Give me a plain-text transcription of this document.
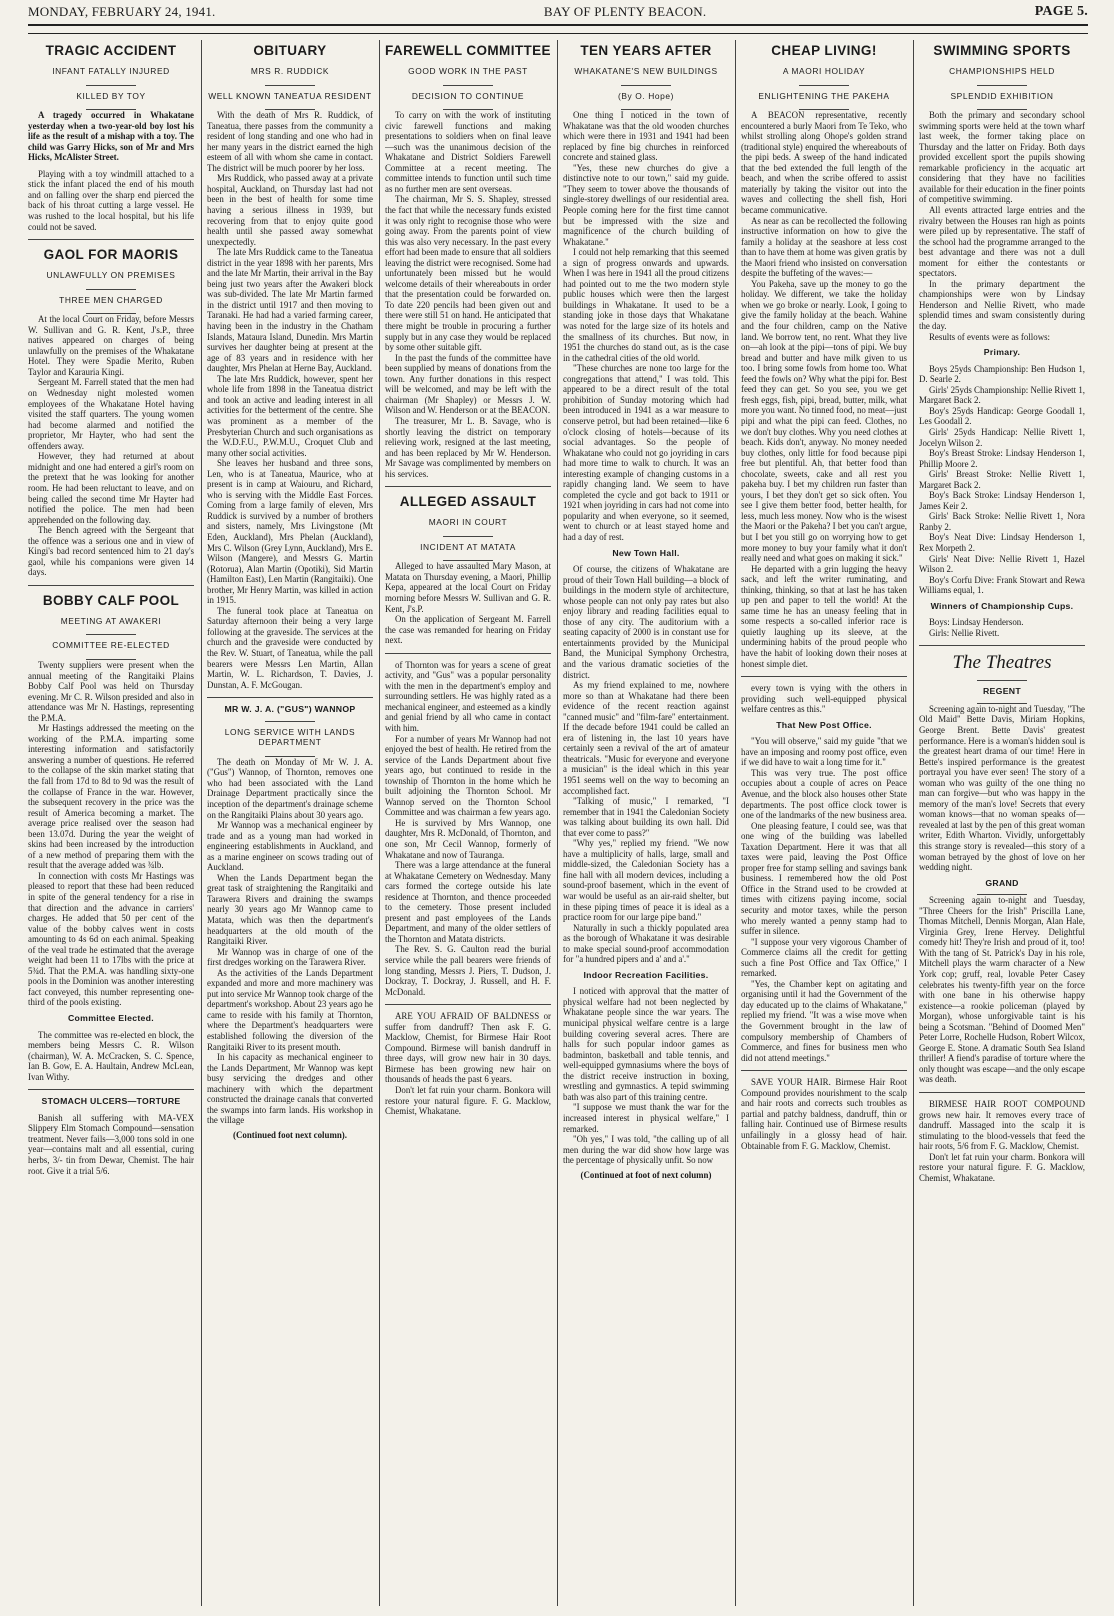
MONDAY, FEBRUARY 24, 1941.	BAY OF PLENTY BEACON.	PAGE 5.
TRAGIC ACCIDENT
INFANT FATALLY INJURED
KILLED BY TOY
A tragedy occurred in Whakatane yesterday when a two-year-old boy lost his life as the result of a mishap with a toy. The child was Garry Hicks, son of Mr and Mrs Hicks, McAlister Street.
Playing with a toy windmill attached to a stick the infant placed the end of his mouth and on falling over the sharp end pierced the back of his throat cutting a large vessel. He was rushed to the local hospital, but his life could not be saved.
GAOL FOR MAORIS
UNLAWFULLY ON PREMISES
THREE MEN CHARGED
At the local Court on Friday, before Messrs W. Sullivan and G. R. Kent, J's.P., three natives appeared on charges of being unlawfully on the premises of the Whakatane Hotel. They were Spadie Merito, Ruben Taylor and Karauria Kingi.
Sergeant M. Farrell stated that the men had on Wednesday night molested women employees of the Whakatane Hotel having visited the staff quarters. The young women had become alarmed and notified the proprietor, Mr Hayter, who had sent the offenders away.
However, they had returned at about midnight and one had entered a girl's room on the pretext that he was looking for another room. He had been reluctant to leave, and on being called the second time Mr Hayter had notified the police. The men had been apprehended on the following day.
The Bench agreed with the Sergeant that the offence was a serious one and in view of Kingi's bad record sentenced him to 21 day's gaol, while his companions were given 14 days.
BOBBY CALF POOL
MEETING AT AWAKERI
COMMITTEE RE-ELECTED
Twenty suppliers were present when the annual meeting of the Rangitaiki Plains Bobby Calf Pool was held on Thursday evening. Mr C. R. Wilson presided and also in attendance was Mr N. Hastings, representing the P.M.A.
Mr Hastings addressed the meeting on the working of the P.M.A. imparting some interesting information and satisfactorily answering a number of questions. He referred to the collapse of the skin market stating that the fall from 17d to 8d to 9d was the result of the collapse of France in the war. However, the subsequent recovery in the price was the result of America becoming a market. The average price realised over the season had been 13.07d. During the year the weight of skins had been increased by the introduction of a new method of preparing them with the result that the average added was ¾lb.
In connection with costs Mr Hastings was pleased to report that these had been reduced in spite of the general tendency for a rise in that direction and the advance in carriers' charges. He added that 50 per cent of the value of the bobby calves went in costs amounting to 4s 6d on each animal. Speaking of the veal trade he estimated that the average weight had been 11 to 17lbs with the price at 5¾d. That the P.M.A. was handling sixty-one pools in the Dominion was another interesting fact conveyed, this number representing one-third of the pools existing.
Committee Elected.
The committee was re-elected en block, the members being Messrs C. R. Wilson (chairman), W. A. McCracken, S. C. Spence, Ian B. Gow, E. A. Haultain, Andrew McLean, Ivan Withy.
STOMACH ULCERS—TORTURE
Banish all suffering with MA-VEX Slippery Elm Stomach Compound—sensation treatment. Never fails—3,000 tons sold in one year—contains malt and all essential, curing herbs, 3/- tin from Dewar, Chemist. The hair root. Give it a trial 5/6.
OBITUARY
MRS R. RUDDICK
WELL KNOWN TANEATUA RESIDENT
With the death of Mrs R. Ruddick, of Taneatua, there passes from the community a resident of long standing and one who had in her many years in the district earned the high esteem of all with whom she came in contact. The district will be much poorer by her loss.
Mrs Ruddick, who passed away at a private hospital, Auckland, on Thursday last had not been in the best of health for some time having a serious illness in 1939, but recovering from that to enjoy quite good health until she passed away somewhat unexpectedly.
The late Mrs Ruddick came to the Taneatua district in the year 1898 with her parents, Mrs and the late Mr Martin, their arrival in the Bay being just two years after the Awakeri block was sub-divided. The late Mr Martin farmed in the district until 1917 and then moving to Taranaki. He had had a varied farming career, having been in the industry in the Chatham Islands, Mataura Island, Dunedin. Mrs Martin survives her daughter being at present at the age of 83 years and in residence with her daughter, Mrs Phelan at Herne Bay, Auckland.
The late Mrs Ruddick, however, spent her whole life from 1898 in the Taneatua district and took an active and leading interest in all activities for the betterment of the centre. She was prominent as a member of the Presbyterian Church and such organisations as the W.D.F.U., P.W.M.U., Croquet Club and many other social activities.
She leaves her husband and three sons, Len, who is at Taneatua, Maurice, who at present is in camp at Waiouru, and Richard, who is serving with the Middle East Forces. Coming from a large family of eleven, Mrs Ruddick is survived by a number of brothers and sisters, namely, Mrs Livingstone (Mt Eden, Auckland), Mrs Phelan (Auckland), Mrs C. Wilson (Grey Lynn, Auckland), Mrs E. Wilson (Mangere), and Messrs G. Martin (Rotorua), Alan Martin (Opotiki), Sid Martin (Hamilton East), Len Martin (Rangitaiki). One brother, Mr Henry Martin, was killed in action in 1915.
The funeral took place at Taneatua on Saturday afternoon their being a very large following at the graveside. The services at the church and the graveside were conducted by the Rev. W. Stuart, of Taneatua, while the pall bearers were Messrs Len Martin, Allan Martin, W. L. Richardson, T. Davies, J. Dunstan, A. F. McGougan.
MR W. J. A. ("GUS") WANNOP
LONG SERVICE WITH LANDS DEPARTMENT
The death on Monday of Mr W. J. A. ("Gus") Wannop, of Thornton, removes one who had been associated with the Land Drainage Department practically since the inception of the department's drainage scheme on the Rangitaiki Plains about 30 years ago.
Mr Wannop was a mechanical engineer by trade and as a young man had worked in engineering establishments in Auckland, and as a marine engineer on scows trading out of Auckland.
When the Lands Department began the great task of straightening the Rangitaiki and Tarawera Rivers and draining the swamps nearly 30 years ago Mr Wannop came to Matata, which was then the department's headquarters at the old mouth of the Rangitaiki River.
Mr Wannop was in charge of one of the first dredges working on the Tarawera River.
As the activities of the Lands Department expanded and more and more machinery was put into service Mr Wannop took charge of the department's workshop. About 23 years ago he came to reside with his family at Thornton, where the Department's headquarters were established following the diversion of the Rangitaiki River to its present mouth.
In his capacity as mechanical engineer to the Lands Department, Mr Wannop was kept busy servicing the dredges and other machinery with which the department constructed the drainage canals that converted the swamps into farm lands. His workshop in the village
(Continued foot next column).
FAREWELL COMMITTEE
GOOD WORK IN THE PAST
DECISION TO CONTINUE
To carry on with the work of instituting civic farewell functions and making presentations to soldiers when on final leave—such was the unanimous decision of the Whakatane and District Soldiers Farewell Committee at a recent meeting. The committee intends to function until such time as no further men are sent overseas.
The chairman, Mr S. S. Shapley, stressed the fact that while the necessary funds existed it was only right to recognise those who were going away. From the parents point of view this was also very necessary. In the past every effort had been made to ensure that all soldiers leaving the district were recognised. Some had unfortunately been missed but he would welcome details of their whereabouts in order that the presentation could be forwarded on. To date 220 pencils had been given out and there were still 51 on hand. He anticipated that there might be trouble in procuring a further supply but in any case they would be replaced by some other suitable gift.
In the past the funds of the committee have been supplied by means of donations from the town. Any further donations in this respect will be welcomed, and may be left with the chairman (Mr Shapley) or Messrs J. W. Wilson and W. Henderson or at the BEACON.
The treasurer, Mr L. B. Savage, who is shortly leaving the district on temporary relieving work, resigned at the last meeting, and has been replaced by Mr W. Henderson. Mr Savage was complimented by members on his services.
ALLEGED ASSAULT
MAORI IN COURT
INCIDENT AT MATATA
Alleged to have assaulted Mary Mason, at Matata on Thursday evening, a Maori, Phillip Kepa, appeared at the local Court on Friday morning before Messrs W. Sullivan and G. R. Kent, J's.P.
On the application of Sergeant M. Farrell the case was remanded for hearing on Friday next.
of Thornton was for years a scene of great activity, and "Gus" was a popular personality with the men in the department's employ and surrounding settlers. He was highly rated as a mechanical engineer, and esteemed as a kindly and genial friend by all who came in contact with him.
For a number of years Mr Wannop had not enjoyed the best of health. He retired from the service of the Lands Department about five years ago, but continued to reside in the township of Thornton in the home which he built adjoining the Thornton School. Mr Wannop served on the Thornton School Committee and was chairman a few years ago.
He is survived by Mrs Wannop, one daughter, Mrs R. McDonald, of Thornton, and one son, Mr Cecil Wannop, formerly of Whakatane and now of Tauranga.
There was a large attendance at the funeral at Whakatane Cemetery on Wednesday. Many cars formed the cortege outside his late residence at Thornton, and thence proceeded to the cemetery. Those present included present and past employees of the Lands Department, and many of the older settlers of the Thornton and Matata districts.
The Rev. S. G. Caulton read the burial service while the pall bearers were friends of long standing, Messrs J. Piers, T. Dudson, J. Dockray, T. Dockray, J. Russell, and H. F. McDonald.
ARE YOU AFRAID OF BALDNESS or suffer from dandruff? Then ask F. G. Macklow, Chemist, for Birmese Hair Root Compound. Birmese will banish dandruff in three days, will grow new hair in 30 days. Birmese has been growing new hair on thousands of heads the past 6 years.
Don't let fat ruin your charm. Bonkora will restore your natural figure. F. G. Macklow, Chemist, Whakatane.
TEN YEARS AFTER
WHAKATANE'S NEW BUILDINGS
(By O. Hope)
One thing I noticed in the town of Whakatane was that the old wooden churches which were there in 1931 and 1941 had been replaced by fine big churches in reinforced concrete and stained glass.
"Yes, these new churches do give a distinctive note to our town," said my guide. "They seem to tower above the thousands of single-storey dwellings of our residential area. People coming here for the first time cannot but be impressed with the size and magnificence of the church building of Whakatane."
I could not help remarking that this seemed a sign of progress onwards and upwards. When I was here in 1941 all the proud citizens had pointed out to me the two modern style public houses which were then the largest buildings in Whakatane. It used to be a standing joke in those days that Whakatane was noted for the large size of its hotels and the smallness of its churches. But now, in 1951 the churches do stand out, as is the case in the cathedral cities of the old world.
"These churches are none too large for the congregations that attend," I was told. This appeared to be a direct result of the total prohibition of Sunday motoring which had been introduced in 1941 as a war measure to conserve petrol, but had been retained—like 6 o'clock closing of hotels—because of its social advantages. So the people of Whakatane who could not go joyriding in cars had more time to walk to church. It was an interesting example of changing customs in a rapidly changing land. We seem to have completed the cycle and got back to 1911 or 1921 when joyriding in cars had not come into popularity and when everyone, so it seemed, went to church or at least stayed home and had a day of rest.
New Town Hall.
Of course, the citizens of Whakatane are proud of their Town Hall building—a block of buildings in the modern style of architecture, whose people can not only pay rates but also enjoy library and reading facilities equal to those of any city. The auditorium with a seating capacity of 2000 is in constant use for entertainments provided by the Municipal Band, the Municipal Symphony Orchestra, and the various dramatic societies of the district.
As my friend explained to me, nowhere more so than at Whakatane had there been evidence of the recent reaction against "canned music" and "film-fare" entertainment. If the decade before 1941 could be called an era of listening in, the last 10 years have certainly seen a revival of the art of amateur theatricals. "Music for everyone and everyone a musician" is the ideal which in this year 1951 seems well on the way to becoming an accomplished fact.
"Talking of music," I remarked, "I remember that in 1941 the Caledonian Society was talking about building its own hall. Did that ever come to pass?"
"Why yes," replied my friend. "We now have a multiplicity of halls, large, small and middle-sized, the Caledonian Society has a fine hall with all modern devices, including a sound-proof basement, which in the event of war would be useful as an air-raid shelter, but in these piping times of peace it is ideal as a practice room for our large pipe band."
Naturally in such a thickly populated area as the borough of Whakatane it was desirable to make special sound-proof accommodation for "a hundred pipers and a' and a'."
Indoor Recreation Facilities.
I noticed with approval that the matter of physical welfare had not been neglected by Whakatane people since the war years. The municipal physical welfare centre is a large building covering several acres. There are halls for such popular indoor games as badminton, basketball and table tennis, and well-equipped gymnasiums where the boys of the district receive instruction in boxing, wrestling and gymnastics. A tepid swimming bath was also part of this training centre.
"I suppose we must thank the war for the increased interest in physical welfare," I remarked.
"Oh yes," I was told, "the calling up of all men during the war did show how large was the percentage of physically unfit. So now
(Continued at foot of next column)
CHEAP LIVING!
A MAORI HOLIDAY
ENLIGHTENING THE PAKEHA
A BEACON representative, recently encountered a burly Maori from Te Teko, who whilst strolling along Ohope's golden strand (traditional style) enquired the whereabouts of the pipi beds. A sweep of the hand indicated that the bed extended the full length of the beach, and when the scribe offered to assist materially by taking the visitor out into the waves and collecting the shell fish, Hori became communicative.
As near as can be recollected the following instructive information on how to give the family a holiday at the seashore at less cost than to have them at home was given gratis by the Maori friend who insisted on conversation despite the buffeting of the waves:—
You Pakeha, save up the money to go the holiday. We different, we take the holiday when we go broke or nearly. Look, I going to give the family holiday at the beach. Wahine and the four children, camp on the Native land. We borrow tent, no rent. What they live on—ah look at the pipi—tons of pipi. We buy bread and butter and have milk given to us too. I bring some fowls from home too. What feed the fowls on? Why what the pipi for. Best feed they can get. So you see, you we get fresh eggs, fish, pipi, bread, butter, milk, what more you want. No tinned food, no meat—just pipi and what the pipi can feed. Clothes, no we don't buy clothes. Why you need clothes at beach. Kids don't, anyway. No money needed buy clothes, only little for food because pipi free but plentiful. Ah, that better food than chocolate, sweets, cake and all rest you pakeha buy. I bet my children run faster than yours, I bet they don't get so sick often. You see I give them better food, better health, for less, much less money. Now who is the wisest the Maori or the Pakeha? I bet you can't argue, but I bet you still go on worrying how to get more money to buy your family what it don't really need and what goes on making it sick."
He departed with a grin lugging the heavy sack, and left the writer ruminating, and thinking, thinking, so that at last he has taken up pen and paper to tell the world! At the same time he has an uneasy feeling that in some respects a so-called inferior race is quietly laughing up its sleeve, at the undermining habits of the proud people who have the habit of looking down their noses at honest simple diet.
every town is vying with the others in providing such well-equipped physical welfare centres as this."
That New Post Office.
"You will observe," said my guide "that we have an imposing and roomy post office, even if we did have to wait a long time for it."
This was very true. The post office occupies about a couple of acres on Peace Avenue, and the block also houses other State departments. The post office clock tower is one of the landmarks of the new business area.
One pleasing feature, I could see, was that one wing of the building was labelled Taxation Department. Here it was that all taxes were paid, leaving the Post Office proper free for stamp selling and savings bank business. I remembered how the old Post Office in the Strand used to be crowded at times with citizens paying income, social security and motor taxes, while the person who merely wanted a penny stamp had to suffer in silence.
"I suppose your very vigorous Chamber of Commerce claims all the credit for getting such a fine Post Office and Tax Office," I remarked.
"Yes, the Chamber kept on agitating and organising until it had the Government of the day educated up to the claims of Whakatane," replied my friend. "It was a wise move when the Government brought in the law of compulsory membership of Chambers of Commerce, and fines for business men who did not attend meetings."
SAVE YOUR HAIR. Birmese Hair Root Compound provides nourishment to the scalp and hair roots and corrects such troubles as partial and patchy baldness, dandruff, thin or falling hair. Continued use of Birmese results unfailingly in a glossy head of hair. Obtainable from F. G. Macklow, Chemist.
SWIMMING SPORTS
CHAMPIONSHIPS HELD
SPLENDID EXHIBITION
Both the primary and secondary school swimming sports were held at the town wharf last week, the former taking place on Thursday and the latter on Friday. Both days provided excellent sport the pupils showing remarkable proficiency in the acquatic art considering that they have no facilities available for their education in the finer points of competitive swimming.
All events attracted large entries and the rivalry between the Houses ran high as points were piled up by representative. The staff of the school had the programme arranged to the best advantage and there was not a dull moment for either the contestants or spectators.
In the primary department the championships were won by Lindsay Henderson and Nellie Rivett, who made splendid times and swam consistently during the day.
Results of events were as follows:
Primary.
Boys 25yds Championship: Ben Hudson 1, D. Searle 2.
Girls' 25yds Championship: Nellie Rivett 1, Margaret Back 2.
Boy's 25yds Handicap: George Goodall 1, Les Goodall 2.
Girls' 25yds Handicap: Nellie Rivett 1, Jocelyn Wilson 2.
Boy's Breast Stroke: Lindsay Henderson 1, Phillip Moore 2.
Girls' Breast Stroke: Nellie Rivett 1, Margaret Back 2.
Boy's Back Stroke: Lindsay Henderson 1, James Keir 2.
Girls' Back Stroke: Nellie Rivett 1, Nora Ranby 2.
Boy's Neat Dive: Lindsay Henderson 1, Rex Morpeth 2.
Girls' Neat Dive: Nellie Rivett 1, Hazel Wilson 2.
Boy's Corfu Dive: Frank Stowart and Rewa Williams equal, 1.
Winners of Championship Cups.
Boys: Lindsay Henderson.
Girls: Nellie Rivett.
The Theatres
REGENT
Screening again to-night and Tuesday, "The Old Maid" Bette Davis, Miriam Hopkins, George Brent. Bette Davis' greatest performance. Here is a woman's hidden soul is the greatest heart drama of our time! Here in Bette's inspired performance is the greatest portrayal you have ever seen! The story of a woman who was guilty of the one thing no man can forgive—but who was happy in the memory of the man's love! Secrets that every woman knows—that no woman speaks of—revealed at last by the pen of this great woman writer, Edith Wharton. Vividly, unforgettably this strange story is revealed—this story of a woman betrayed by the ghost of love on her wedding night.
GRAND
Screening again to-night and Tuesday, "Three Cheers for the Irish" Priscilla Lane, Thomas Mitchell, Dennis Morgan, Alan Hale, Virginia Grey, Irene Hervey. Delightful comedy hit! They're Irish and proud of it, too! With the tang of St. Patrick's Day in his role, Mitchell plays the warm character of a New York cop; gruff, real, lovable Peter Casey celebrates his twenty-fifth year on the force with one bane in his otherwise happy existence—a rookie policeman (played by Morgan), whose unforgivable taint is his being a Scotsman. "Behind of Doomed Men" Peter Lorre, Rochelle Hudson, Robert Wilcox, George E. Stone. A dramatic South Sea Island thriller! A fiend's paradise of torture where the only thought was escape—and the only escape was death.
BIRMESE HAIR ROOT COMPOUND grows new hair. It removes every trace of dandruff. Massaged into the scalp it is stimulating to the blood-vessels that feed the hair roots, 5/6 from F. G. Macklow, Chemist.
Don't let fat ruin your charm. Bonkora will restore your natural figure. F. G. Macklow, Chemist, Whakatane.
